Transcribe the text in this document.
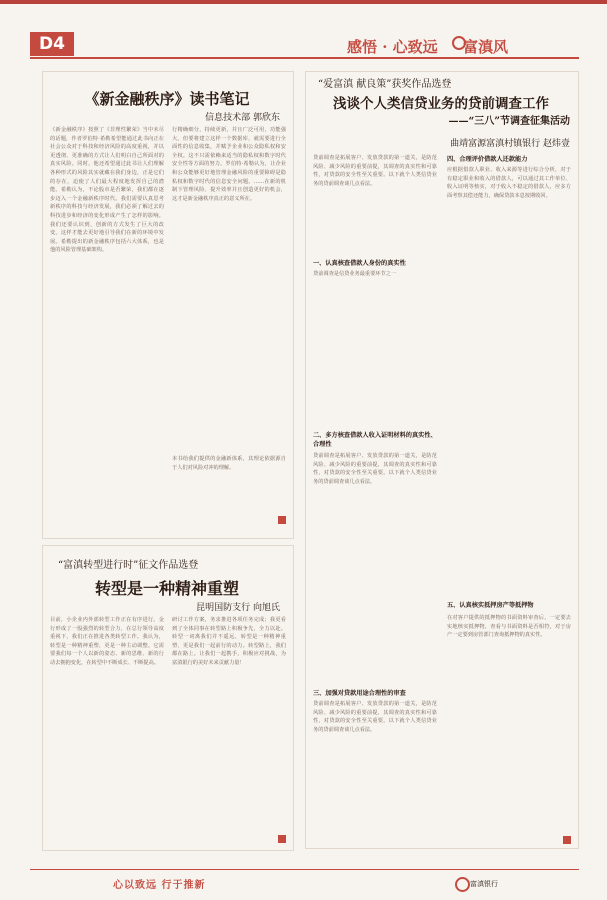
D4	感悟 · 心致远	富滇风
《新金融秩序》读书笔记
信息技术部 郭欣东
《新金融秩序》按照了《非理性繁荣》当中未尽的话题，作者罗伯特·希勒希望能通过此书向正在社会公众对于科技和经济风险的高度重视，并以更透彻、更准确的方式让人们明白自己所面对的真实风险。同时，他还希望通过此书让人们理解各种形式的风险其实就藏在我们身边，正是它们的存在，迫使了人们最大程度地发挥自己的潜能。希勒认为，不论股市是否繁荣，我们都在逐步迈入一个金融新秩序时代。我们需要认真思考新秩序的科技与经济发展，我们必须了解过去的科技进步和经济的变化形成产生了怎样的影响。我们还要认识到，创新的方式发生了巨大的改变。这样才能去更好地引导我们在新的环境中发展。希勒提出的新金融秩序包括六大体系，也是他的风险管理基础架构。
行精确细分，持续更新，并且广泛可用，功能强大。但要将建立这样一个数据库，就需要进行全面性的信息收集，并赋予企业和公众隐私权和安全权。这不只需依赖来适当的隐私权和数字时代安全性等方面的努力。罗伯特·希勒认为，让企业和公众能够更好地管理金融风险的重要障碍是隐私权和数字时代的信息安全问题。……在新的机制下管理风险、提升效率并且创造更好的机会，这才是新金融秩序真正的意义所在。
本书给我们提供的金融新体系，其理论依据源自于人们对风险对冲的理解。
“富滇转型进行时”征文作品选登
转型是一种精神重塑
昆明国防支行 向旭氏
目前，小企业内外部转型工作正在有序进行。金行形成了一股强烈的转型合力，在总行领导高度重视下，我们正在推进各类转型工作。我认为，转型是一种精神重塑，更是一种主动调整。它需要我们每一个人以新的姿态、新的思维、新的行动去拥抱变化，在转型中不断成长、不断提高。
研讨工作方案，务求推进各项任务完成；我更看到了全体同事在转型路上积极争先，全力以赴。转型一词离我们并不遥远，转型是一种精神重塑，更是我们一起前行的动力。转型路上，我们都在路上。让我们一起携手，积极应对挑战，为富滇银行的美好未来贡献力量！
“爱富滇 献良策”获奖作品选登
浅谈个人类信贷业务的贷前调查工作
——“三八”节调查征集活动
曲靖富源富滇村镇银行 赵炜壹
贷前调查是拓展客户、发放贷款的第一道关，是防范风险、减少风险的重要前提，其调查的真实性和可靠性，对贷款的安全性至关重要。以下就个人类信贷业务的贷前调查谈几点看法。
一、认真核查借款人身份的真实性
贷前调查是信贷业务最重要环节之一
二、多方核查借款人收入证明材料的真实性、合理性
贷前调查是拓展客户、发放贷款的第一道关，是防范风险、减少风险的重要前提，其调查的真实性和可靠性，对贷款的安全性至关重要。以下就个人类信贷业务的贷前调查谈几点看法。
三、加强对贷款用途合理性的审查
贷前调查是拓展客户、发放贷款的第一道关，是防范风险、减少风险的重要前提，其调查的真实性和可靠性，对贷款的安全性至关重要。以下就个人类信贷业务的贷前调查谈几点看法。
四、合理评价借款人还款能力
应根据借款人职业、收入来源等进行综合分析，对于有稳定职业和收入的借款人，可以通过其工作单位、收入证明等核实，对于收入不稳定的借款人，应多方面考察其偿还能力，确保贷款本息按期收回。
五、认真核实抵押房产等抵押物
在对客户提供的抵押物的书面资料审查后，一定要去实地核实抵押物，查看与书面资料是否相符，对于房产一定要到房管部门查询抵押物的真实性。
心以致远 行于推新	富滇银行
